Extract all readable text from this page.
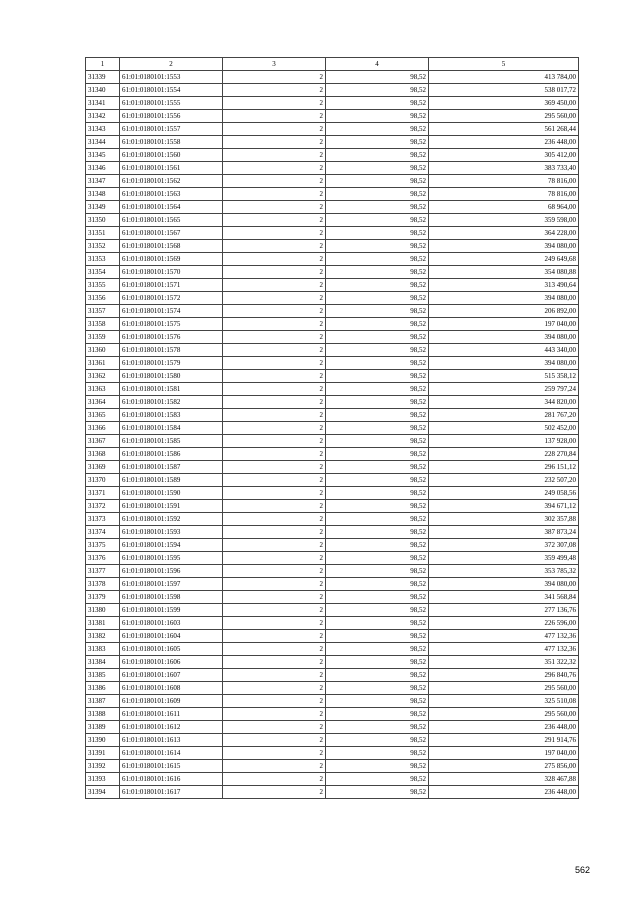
1	2	3	4	5
31339	61:01:0180101:1553	2	98,52	413 784,00
31340	61:01:0180101:1554	2	98,52	538 017,72
31341	61:01:0180101:1555	2	98,52	369 450,00
31342	61:01:0180101:1556	2	98,52	295 560,00
31343	61:01:0180101:1557	2	98,52	561 268,44
31344	61:01:0180101:1558	2	98,52	236 448,00
31345	61:01:0180101:1560	2	98,52	305 412,00
31346	61:01:0180101:1561	2	98,52	383 733,40
31347	61:01:0180101:1562	2	98,52	78 816,00
31348	61:01:0180101:1563	2	98,52	78 816,00
31349	61:01:0180101:1564	2	98,52	68 964,00
31350	61:01:0180101:1565	2	98,52	359 598,00
31351	61:01:0180101:1567	2	98,52	364 228,00
31352	61:01:0180101:1568	2	98,52	394 080,00
31353	61:01:0180101:1569	2	98,52	249 649,68
31354	61:01:0180101:1570	2	98,52	354 080,88
31355	61:01:0180101:1571	2	98,52	313 490,64
31356	61:01:0180101:1572	2	98,52	394 080,00
31357	61:01:0180101:1574	2	98,52	206 892,00
31358	61:01:0180101:1575	2	98,52	197 040,00
31359	61:01:0180101:1576	2	98,52	394 080,00
31360	61:01:0180101:1578	2	98,52	443 340,00
31361	61:01:0180101:1579	2	98,52	394 080,00
31362	61:01:0180101:1580	2	98,52	515 358,12
31363	61:01:0180101:1581	2	98,52	259 797,24
31364	61:01:0180101:1582	2	98,52	344 820,00
31365	61:01:0180101:1583	2	98,52	281 767,20
31366	61:01:0180101:1584	2	98,52	502 452,00
31367	61:01:0180101:1585	2	98,52	137 928,00
31368	61:01:0180101:1586	2	98,52	228 270,84
31369	61:01:0180101:1587	2	98,52	296 151,12
31370	61:01:0180101:1589	2	98,52	232 507,20
31371	61:01:0180101:1590	2	98,52	249 058,56
31372	61:01:0180101:1591	2	98,52	394 671,12
31373	61:01:0180101:1592	2	98,52	302 357,88
31374	61:01:0180101:1593	2	98,52	387 873,24
31375	61:01:0180101:1594	2	98,52	372 307,08
31376	61:01:0180101:1595	2	98,52	359 499,48
31377	61:01:0180101:1596	2	98,52	353 785,32
31378	61:01:0180101:1597	2	98,52	394 080,00
31379	61:01:0180101:1598	2	98,52	341 568,84
31380	61:01:0180101:1599	2	98,52	277 136,76
31381	61:01:0180101:1603	2	98,52	226 596,00
31382	61:01:0180101:1604	2	98,52	477 132,36
31383	61:01:0180101:1605	2	98,52	477 132,36
31384	61:01:0180101:1606	2	98,52	351 322,32
31385	61:01:0180101:1607	2	98,52	296 840,76
31386	61:01:0180101:1608	2	98,52	295 560,00
31387	61:01:0180101:1609	2	98,52	325 510,08
31388	61:01:0180101:1611	2	98,52	295 560,00
31389	61:01:0180101:1612	2	98,52	236 448,00
31390	61:01:0180101:1613	2	98,52	291 914,76
31391	61:01:0180101:1614	2	98,52	197 040,00
31392	61:01:0180101:1615	2	98,52	275 856,00
31393	61:01:0180101:1616	2	98,52	328 467,88
31394	61:01:0180101:1617	2	98,52	236 448,00
562
